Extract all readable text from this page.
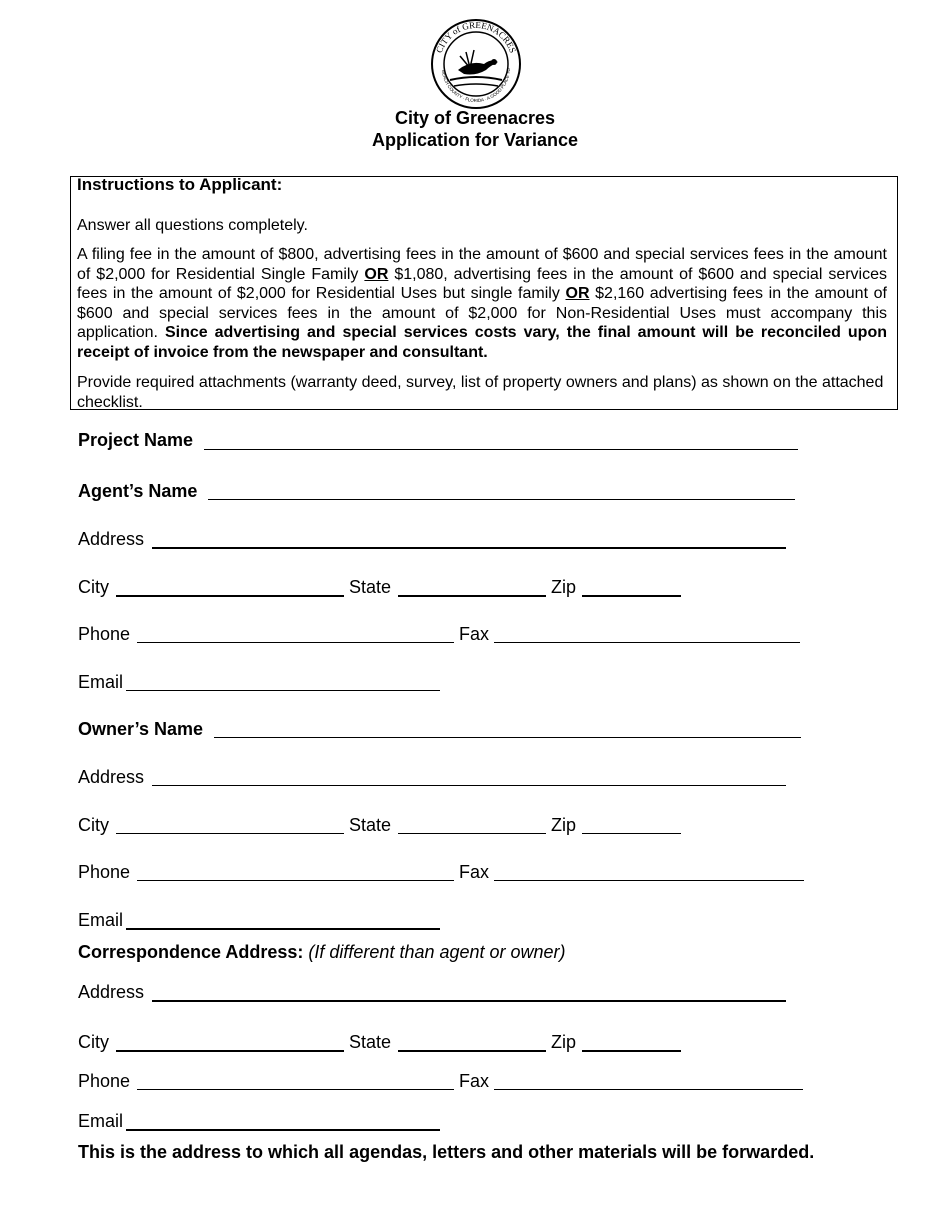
CITY of GREENACRES
BEACH COUNTY · FLORIDA · A GOOD PLACE TO
City of Greenacres
Application for Variance
Instructions to Applicant:
Answer all questions completely.
A filing fee in the amount of $800, advertising fees in the amount of $600 and special services fees in the amount of $2,000 for Residential Single Family OR $1,080, advertising fees in the amount of $600 and special services fees in the amount of $2,000 for Residential Uses but single family OR $2,160 advertising fees in the amount of $600 and special services fees in the amount of $2,000 for Non-Residential Uses must accompany this application. Since advertising and special services costs vary, the final amount will be reconciled upon receipt of invoice from the newspaper and consultant.
Provide required attachments (warranty deed, survey, list of property owners and plans) as shown on the attached checklist.
Project Name
Agent’s Name
Address
City	State	Zip
Phone	Fax
Email
Owner’s Name
Address
City	State	Zip
Phone	Fax
Email
Correspondence Address: (If different than agent or owner)
Address
City	State	Zip
Phone	Fax
Email
This is the address to which all agendas, letters and other materials will be forwarded.
